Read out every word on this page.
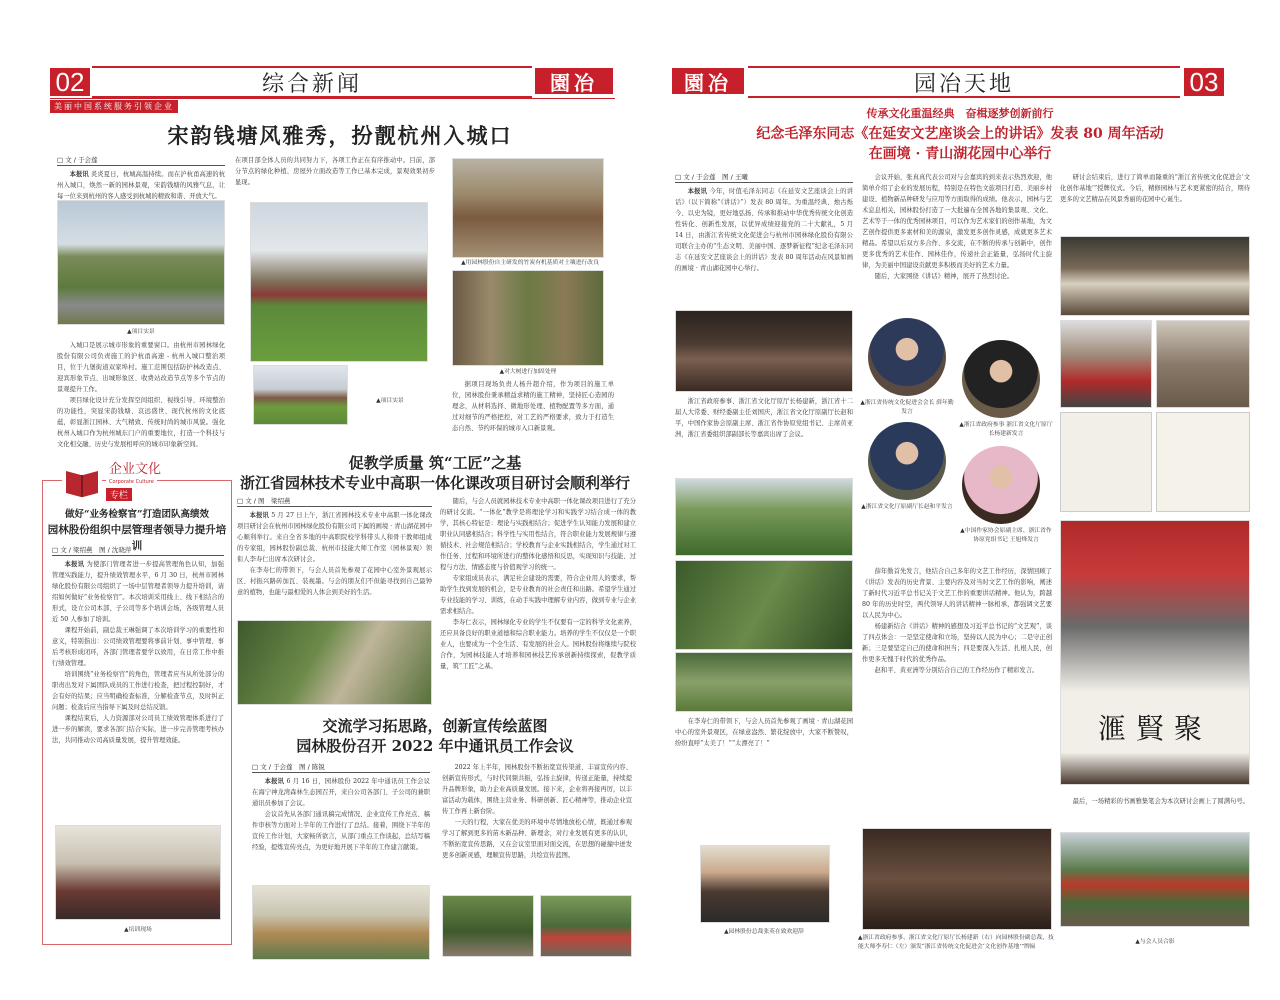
02	综合新闻	園冶
美丽中国系统服务引领企业
宋韵钱塘风雅秀，扮靓杭州入城口
□ 文 / 于会莲

本报讯 炎炎夏日，杭城高温持续。而在沪杭甬高速的杭州入城口，焕然一新的园林景观，宋韵钱塘的风雅气息，让每一位来到杭州的客人感受到杭城的精致和谐、开放大气。

▲项目实景

入城口是展示城市形象的重要窗口。由杭州市园林绿化股份有限公司负责施工的沪杭甬高速 - 杭州入城口整治项目，位于九堡街道双家埠村。施工范围包括防护林改造点、迎宾形象节点、出城形象区、收费站改造节点等多个节点的景观提升工作。

项目绿化设计充分发挥空间组织、视线引导、环境整治的功能性，突显宋韵钱塘、哀远盛世、现代杭州的文化底蕴，彰显浙江园林、大气精致、传统时尚的城市风貌。强化杭州入城口作为杭州城东门户的重要地位，打造一个科技与文化相交融、历史与发展相呼应的城市印象新空间。

在项目部全体人员的共同努力下，各项工作正在有序推动中。目前，部分节点的绿化种植、房屋外立面改造等工作已基本完成，景观效果初步显现。

▲项目实景
▲用园林股份自主研发的竹炭有机基质对土壤进行改良
▲对大树进行加固处理

据项目现场负责人杨升超介绍，作为项目的施工单位，园林股份秉承精益求精的施工精神，坚持匠心造园的理念，从材料选择、微地形处理、植物配置等多方面，通过对细节的严格把控，对工艺的严格要求，致力于打造生态自然、节约环保的城市入口新景观。

促教学质量 筑“工匠”之基
浙江省园林技术专业中高职一体化课改项目研讨会顺利举行
□ 文 / 图　梁绍燕

本报讯 5 月 27 日上午，浙江省园林技术专业中高职一体化课改项目研讨会在杭州市园林绿化股份有限公司下属的画境 · 青山湖花园中心顺利举行。来自全省多地的中高职院校学科带头人和骨干教师组成的专家组，园林股份副总裁、杭州市技能大师工作室（园林景观）领衔人李寿仁出席本次研讨会。

在李寿仁的带领下，与会人员首先参观了花园中心室外景观展示区、村振兴路砖加瓦、装视墨。与会的朋友们不但能寻找到自己最钟意的植物，也能与最相爱的人体会到美好的生活。

随后，与会人员就园林技术专业中高职一体化课改项目进行了充分的研讨交流。“一体化”教学是将理论学习和实践学习结合成一体的教学，其核心特征是：理论与实践相结合；促进学生认知能力发展和建立职业认同感相结合；科学性与实用性结合，符合职业能力发展规律与遵循技术、社会规范相结合；学校教育与企业实践相结合，学生通过对工作任务、过程和环境所进行的整体化感悟和反思，实现知识与技能、过程与方法、情感态度与价值观学习的统一。

专家组成员表示，满足社会建设的需要，符合企业用人的要求，帮助学生找到发展的机会，是专业教育的社会责任和出路。希望学生通过专业技能的学习、训练，在动手实践中理解专业内容，做到专业与企业需求相结合。

李寿仁表示，园林绿化专业的学生不仅要有一定的科学文化素养，还应具备良好的职业道德和综合职业能力。培养的学生不仅仅是一个职业人，也要成为一个全生活、有发展的社会人。园林股份将继续与院校合作，为园林技能人才培养和园林技艺传承创新持续探索，促教学质量，筑“工匠”之基。

交流学习拓思路，创新宣传绘蓝图
园林股份召开 2022 年中通讯员工作会议
□ 文 / 于会莲　图 / 陈锐

本报讯 6 月 16 日，园林股份 2022 年中通讯员工作会议在海宁神龙湾森林生态园召开，来自公司各部门、子公司的兼职通讯员参加了会议。

会议首先从各部门通讯稿完成情况、企业宣传工作亮点、稿件审核等方面对上半年的工作进行了总结。接着，围绕下半年的宣传工作计划，大家畅所欲言，从部门重点工作谈起，总结写稿经验，提炼宣传亮点，为更好地开展下半年的工作建言献策。

2022 年上半年，园林股份不断拓宽宣传渠道、丰富宣传内容、创新宣传形式，与时代同频共振，弘扬主旋律，传递正能量，持续提升品牌形象，助力企业高质量发展。接下来，企业将再接再厉，以丰富活动为载体，围绕主营业务、科研创新、匠心精神等，推动企业宣传工作再上新台阶。

一天的行程，大家在优美的环境中尽情地放松心情，既通过参观学习了解到更多的苗木新品种、新理念，对行业发展有更多的认识，不断拓宽宣传思路，又在会议室里面对面交流，在思想的碰撞中迸发更多创新灵感，理顺宣传思路，共绘宣传蓝图。

企业文化
Corporate Culture
专栏
做好“业务检察官”打造团队高绩效
园林股份组织中层管理者领导力提升培训
□ 文 / 梁绍燕　图 / 沈晓萍

本报讯 为使部门管理者进一步提高管理角色认知，加强管理实践能力，提升绩效管理水平，6 月 30 日，杭州市园林绿化股份有限公司组织了一场中层管理者领导力提升培训，请绍如何做好“业务检察官”。本次培训采用线上、线下相结合的形式，设立公司本部、子公司等多个培训会场，各级管理人员近 50 人参加了培训。

课程开始前，副总裁王琳强调了本次培训学习的重要性和意义，特别指出：公司绩效管理要将事前计划、事中管理、事后考核形成闭环，各部门管理者要学以致用，在日常工作中推行绩效管理。

培训围绕“业务检察官”的角色，管理者应当从所处部分的职责出发对下属团队成员的工作进行检查，把过程控制好，才会有好的结果；应当明确检查标准，分解检查节点，及时纠正问题；检查后应当指导下属及时总结反馈。

课程结束后，人力资源部对公司员工绩效管理体系进行了进一步的解读，要求各部门结合实际，进一步完善管理考核办法，共同推动公司高质量发展，提升管理效能。

▲培训现场
園冶	园冶天地	03
传承文化重温经典　奋楫逐梦创新前行
纪念毛泽东同志《在延安文艺座谈会上的讲话》发表 80 周年活动
在画境 · 青山湖花园中心举行
□ 文 / 于会莲　图 / 王曦

本报讯 今年，时值毛泽东同志《在延安文艺座谈会上的讲话》（以下简称“《讲话》”）发表 80 周年。为重温经典、烛古烁今、以史为镜，更好地弘扬、传承和推动中华优秀传统文化创造性转化、创新性发展，以优异成绩迎接党的二十大献礼，5 月 14 日，由浙江省传统文化促进会与杭州市园林绿化股份有限公司联合主办的“生态文明、美丽中国、逐梦新征程”纪念毛泽东同志《在延安文艺座谈会上的讲话》发表 80 周年活动在风景如画的画境 · 青山湖花园中心举行。

浙江省政府参事、浙江省文化厅原厅长杨建新，浙江省十二届人大常委、财经委副主任刘国庆，浙江省文化厅原副厅长赵和平，中国作家协会原副主席、浙江省作协原党组书记、主席黄亚洲，浙江省委组织部副部长等嘉宾出席了会议。

在李寿仁的带领下，与会人员首先参观了画境 · 青山湖花园中心的室外景观区，在绿意盎然、繁花绽放中，大家不断赞叹，纷纷直呼“太美了！”“太漂亮了！”

▲园林股份总裁张英在致欢迎辞

会议开始，张真真代表公司对与会嘉宾的到来表示热烈欢迎，他简单介绍了企业的发展历程，特别是在特色文旅项目打造、美丽乡村建设、植物新品种研发与应用等方面取得的成绩。他表示，园林与艺术息息相关，园林股份打造了一大批遍布全国各地的集景观、文化、艺术等于一体的优秀园林项目，可以作为艺术家们的创作基地，为文艺创作提供更多素材和美的源泉，激发更多创作灵感，成就更多艺术精品。希望以后双方多合作、多交流，在不断的传承与创新中，创作更多优秀的艺术佳作、园林佳作，传递社会正能量，弘扬时代主旋律，为美丽中国建设贡献更多积极而美好的艺术力量。

随后，大家围绕《讲话》精神，展开了热烈讨论。

▲浙江省传统文化促进会会长 薛年勤发言
▲浙江省政府参事 浙江省文化厅原厅长杨建新发言
▲浙江省文化厅原副厅长赵和平发言
▲中国作家协会原副主席、浙江省作协原党组书记 王旭烽发言

薛年勤首先发言，他结合自己多年的文艺工作经历，深情回顾了《讲话》发表的历史背景、主要内容及对当时文艺工作的影响，阐述了新时代习近平总书记关于文艺工作的重要讲话精神。他认为，跨越 80 年的历史时空，两代领导人的讲话精神一脉相承，都强调文艺要以人民为中心。

杨建新结合《讲话》精神的感想及习近平总书记的“文艺观”，谈了四点体会：一是坚定使命和立场，坚持以人民为中心；二是守正创新；三是要坚定自己的使命和担当；四是要深入生活、扎根人民，创作更多无愧于时代的优秀作品。

赵和平、黄亚洲等分别结合自己的工作经历作了精彩发言。

▲浙江省政府参事、浙江省文化厅原厅长杨建新（右）向园林股份副总裁、技能大师李寿仁（左）颁发“浙江省传统文化促进会‘文化创作基地’”牌匾

研讨会结束后，进行了简单而隆重的“浙江省传统文化促进会‘文化创作基地’”授牌仪式。今后，精修园林与艺术更紧密的结合，期待更多的文艺精品在风景秀丽的花园中心诞生。

滙賢聚

最后，一场精彩的书画雅集笔会为本次研讨会画上了圆满句号。

▲与会人员合影
